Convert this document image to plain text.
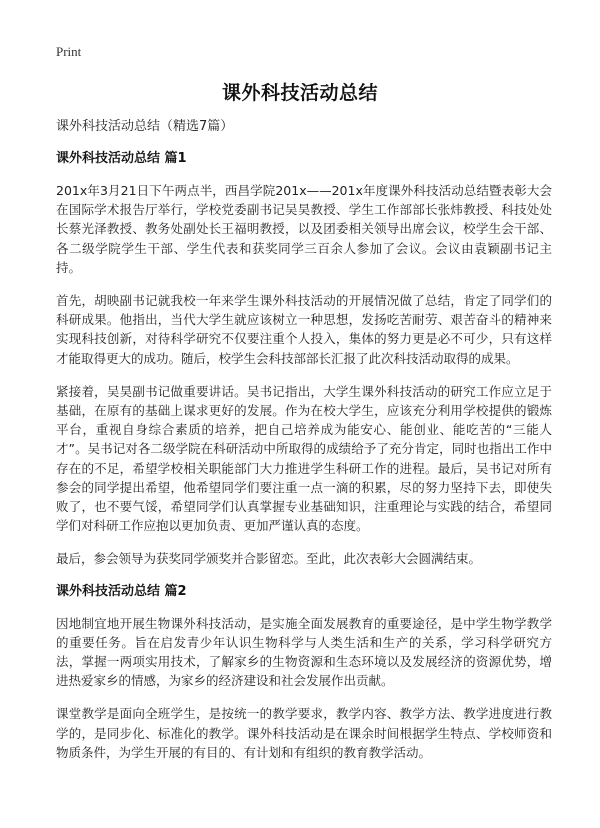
Print
课外科技活动总结

课外科技活动总结（精选7篇）

课外科技活动总结 篇1

201x年3月21日下午两点半，西昌学院201x——201x年度课外科技活动总结暨表彰大会在国际学术报告厅举行，学校党委副书记吴昊教授、学生工作部部长张炜教授、科技处处长蔡光泽教授、教务处副处长王福明教授，以及团委相关领导出席会议，校学生会干部、各二级学院学生干部、学生代表和获奖同学三百余人参加了会议。会议由袁颖副书记主持。

首先，胡映副书记就我校一年来学生课外科技活动的开展情况做了总结，肯定了同学们的科研成果。他指出，当代大学生就应该树立一种思想，发扬吃苦耐劳、艰苦奋斗的精神来实现科技创新，对待科学研究不仅要注重个人投入，集体的努力更是必不可少，只有这样才能取得更大的成功。随后，校学生会科技部部长汇报了此次科技活动取得的成果。

紧接着，吴昊副书记做重要讲话。吴书记指出，大学生课外科技活动的研究工作应立足于基础，在原有的基础上谋求更好的发展。作为在校大学生，应该充分利用学校提供的锻炼平台，重视自身综合素质的培养，把自己培养成为能安心、能创业、能吃苦的“三能人才”。吴书记对各二级学院在科研活动中所取得的成绩给予了充分肯定，同时也指出工作中存在的不足，希望学校相关职能部门大力推进学生科研工作的进程。最后，吴书记对所有参会的同学提出希望，他希望同学们要注重一点一滴的积累，尽的努力坚持下去，即使失败了，也不要气馁，希望同学们认真掌握专业基础知识，注重理论与实践的结合，希望同学们对科研工作应抱以更加负责、更加严谨认真的态度。

最后，参会领导为获奖同学颁奖并合影留恋。至此，此次表彰大会圆满结束。

课外科技活动总结 篇2

因地制宜地开展生物课外科技活动，是实施全面发展教育的重要途径，是中学生物学教学的重要任务。旨在启发青少年认识生物科学与人类生活和生产的关系，学习科学研究方法，掌握一两项实用技术，了解家乡的生物资源和生态环境以及发展经济的资源优势，增进热爱家乡的情感，为家乡的经济建设和社会发展作出贡献。

课堂教学是面向全班学生，是按统一的教学要求，教学内容、教学方法、教学进度进行教学的，是同步化、标准化的教学。课外科技活动是在课余时间根据学生特点、学校师资和物质条件，为学生开展的有目的、有计划和有组织的教育教学活动。
